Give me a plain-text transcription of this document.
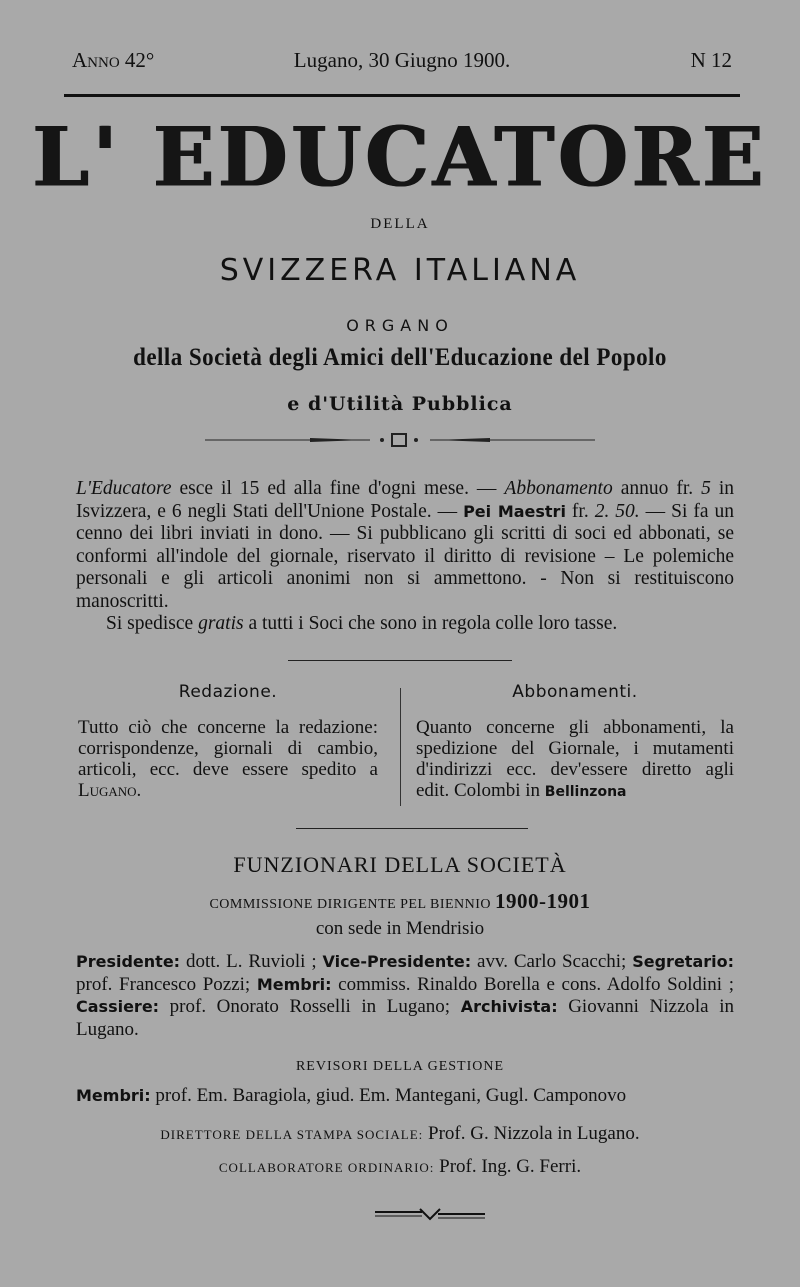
Anno 42°	Lugano, 30 Giugno 1900.	N 12
L' EDUCATORE
DELLA
SVIZZERA ITALIANA
ORGANO
della Società degli Amici dell'Educazione del Popolo
e d'Utilità Pubblica

L'Educatore esce il 15 ed alla fine d'ogni mese. — Abbonamento annuo fr. 5 in Isvizzera, e 6 negli Stati dell'Unione Postale. — Pei Maestri fr. 2. 50. — Si fa un cenno dei libri inviati in dono. — Si pubblicano gli scritti di soci ed abbonati, se conformi all'indole del giornale, riservato il diritto di revisione – Le polemiche personali e gli articoli anonimi non si ammettono. - Non si restituiscono manoscritti.

Si spedisce gratis a tutti i Soci che sono in regola colle loro tasse.

Redazione.

Tutto ciò che concerne la redazione: corrispondenze, giornali di cambio, articoli, ecc. deve essere spedito a Lugano.

Abbonamenti.

Quanto concerne gli abbonamenti, la spedizione del Giornale, i mutamenti d'indirizzi ecc. dev'essere diretto agli edit. Colombi in Bellinzona

FUNZIONARI DELLA SOCIETÀ
COMMISSIONE DIRIGENTE PEL BIENNIO 1900-1901
con sede in Mendrisio

Presidente: dott. L. Ruvioli ; Vice-Presidente: avv. Carlo Scacchi; Segretario: prof. Francesco Pozzi; Membri: commiss. Rinaldo Borella e cons. Adolfo Soldini ; Cassiere: prof. Onorato Rosselli in Lugano; Archivista: Giovanni Nizzola in Lugano.

REVISORI DELLA GESTIONE
Membri: prof. Em. Baragiola, giud. Em. Mantegani, Gugl. Camponovo
DIRETTORE DELLA STAMPA SOCIALE: Prof. G. Nizzola in Lugano.
COLLABORATORE ORDINARIO: Prof. Ing. G. Ferri.
